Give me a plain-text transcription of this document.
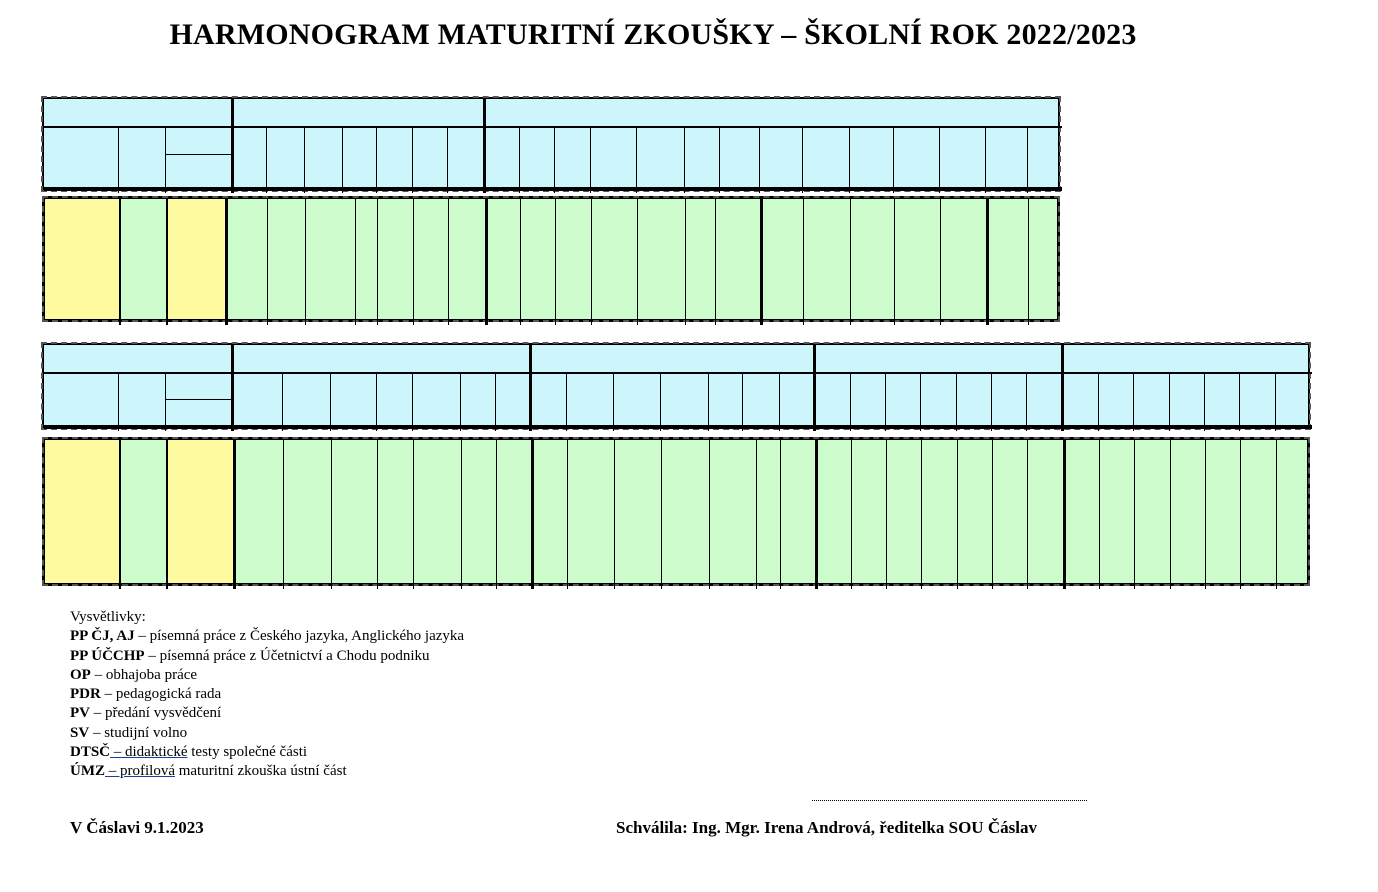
HARMONOGRAM MATURITNÍ ZKOUŠKY – ŠKOLNÍ ROK 2022/2023
Vysvětlivky:
PP ČJ, AJ – písemná práce z Českého jazyka, Anglického jazyka
PP ÚČCHP – písemná práce z Účetnictví a Chodu podniku
OP – obhajoba práce
PDR – pedagogická rada
PV – předání vysvědčení
SV – studijní volno
DTSČ – didaktické testy společné části
ÚMZ – profilová maturitní zkouška ústní část
V Čáslavi 9.1.2023	Schválila: Ing. Mgr. Irena Andrová, ředitelka SOU Čáslav
